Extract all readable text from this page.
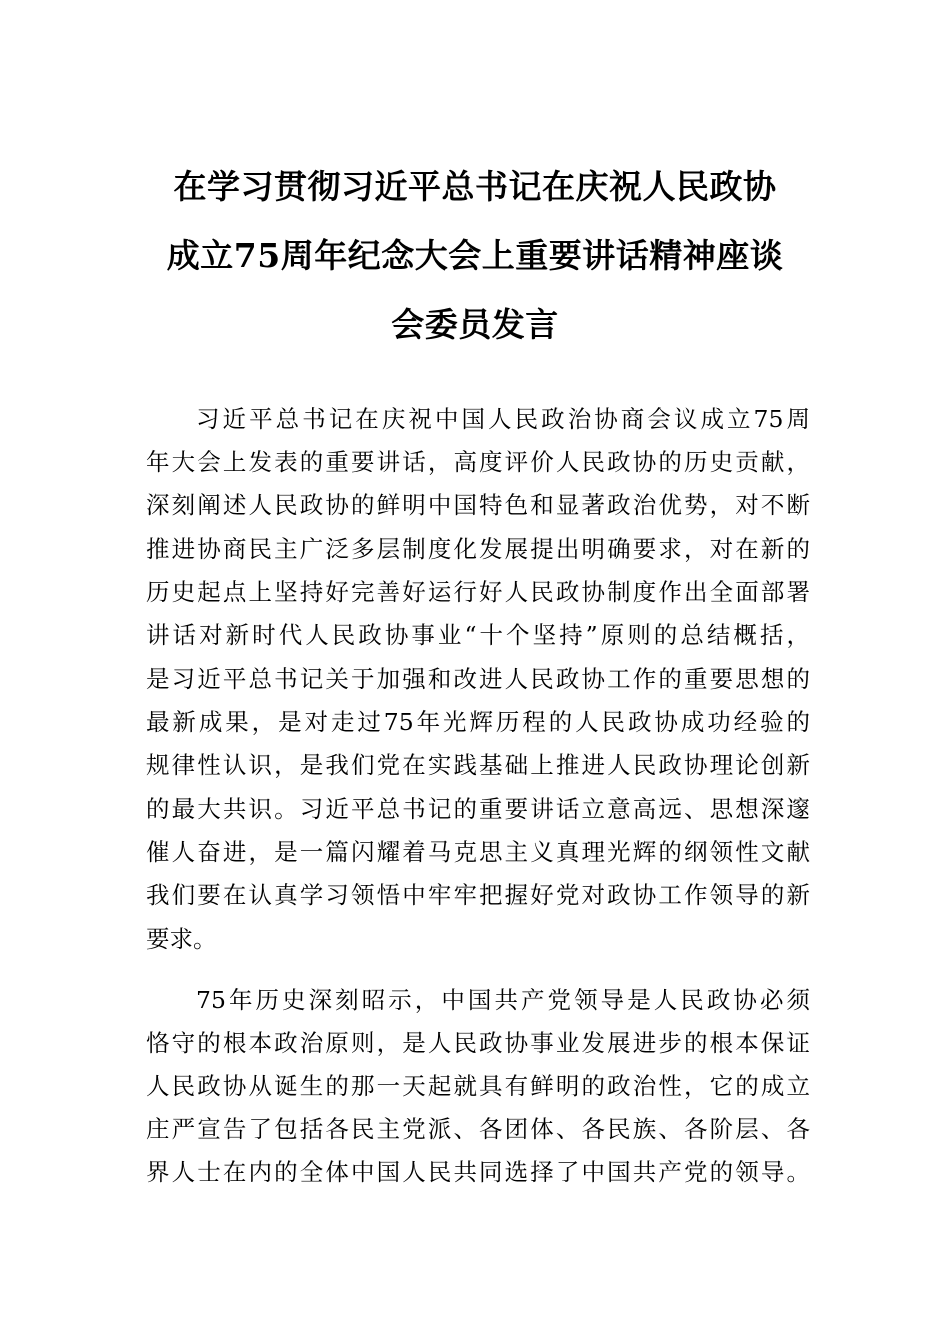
在学习贯彻习近平总书记在庆祝人民政协
成立75周年纪念大会上重要讲话精神座谈
会委员发言
习近平总书记在庆祝中国人民政治协商会议成立75周
年大会上发表的重要讲话，高度评价人民政协的历史贡献，
深刻阐述人民政协的鲜明中国特色和显著政治优势，对不断
推进协商民主广泛多层制度化发展提出明确要求，对在新的
历史起点上坚持好完善好运行好人民政协制度作出全面部署
讲话对新时代人民政协事业“十个坚持”原则的总结概括，
是习近平总书记关于加强和改进人民政协工作的重要思想的
最新成果，是对走过75年光辉历程的人民政协成功经验的
规律性认识，是我们党在实践基础上推进人民政协理论创新
的最大共识。习近平总书记的重要讲话立意高远、思想深邃
催人奋进，是一篇闪耀着马克思主义真理光辉的纲领性文献
我们要在认真学习领悟中牢牢把握好党对政协工作领导的新
要求。
75年历史深刻昭示，中国共产党领导是人民政协必须
恪守的根本政治原则，是人民政协事业发展进步的根本保证
人民政协从诞生的那一天起就具有鲜明的政治性，它的成立
庄严宣告了包括各民主党派、各团体、各民族、各阶层、各
界人士在内的全体中国人民共同选择了中国共产党的领导。
